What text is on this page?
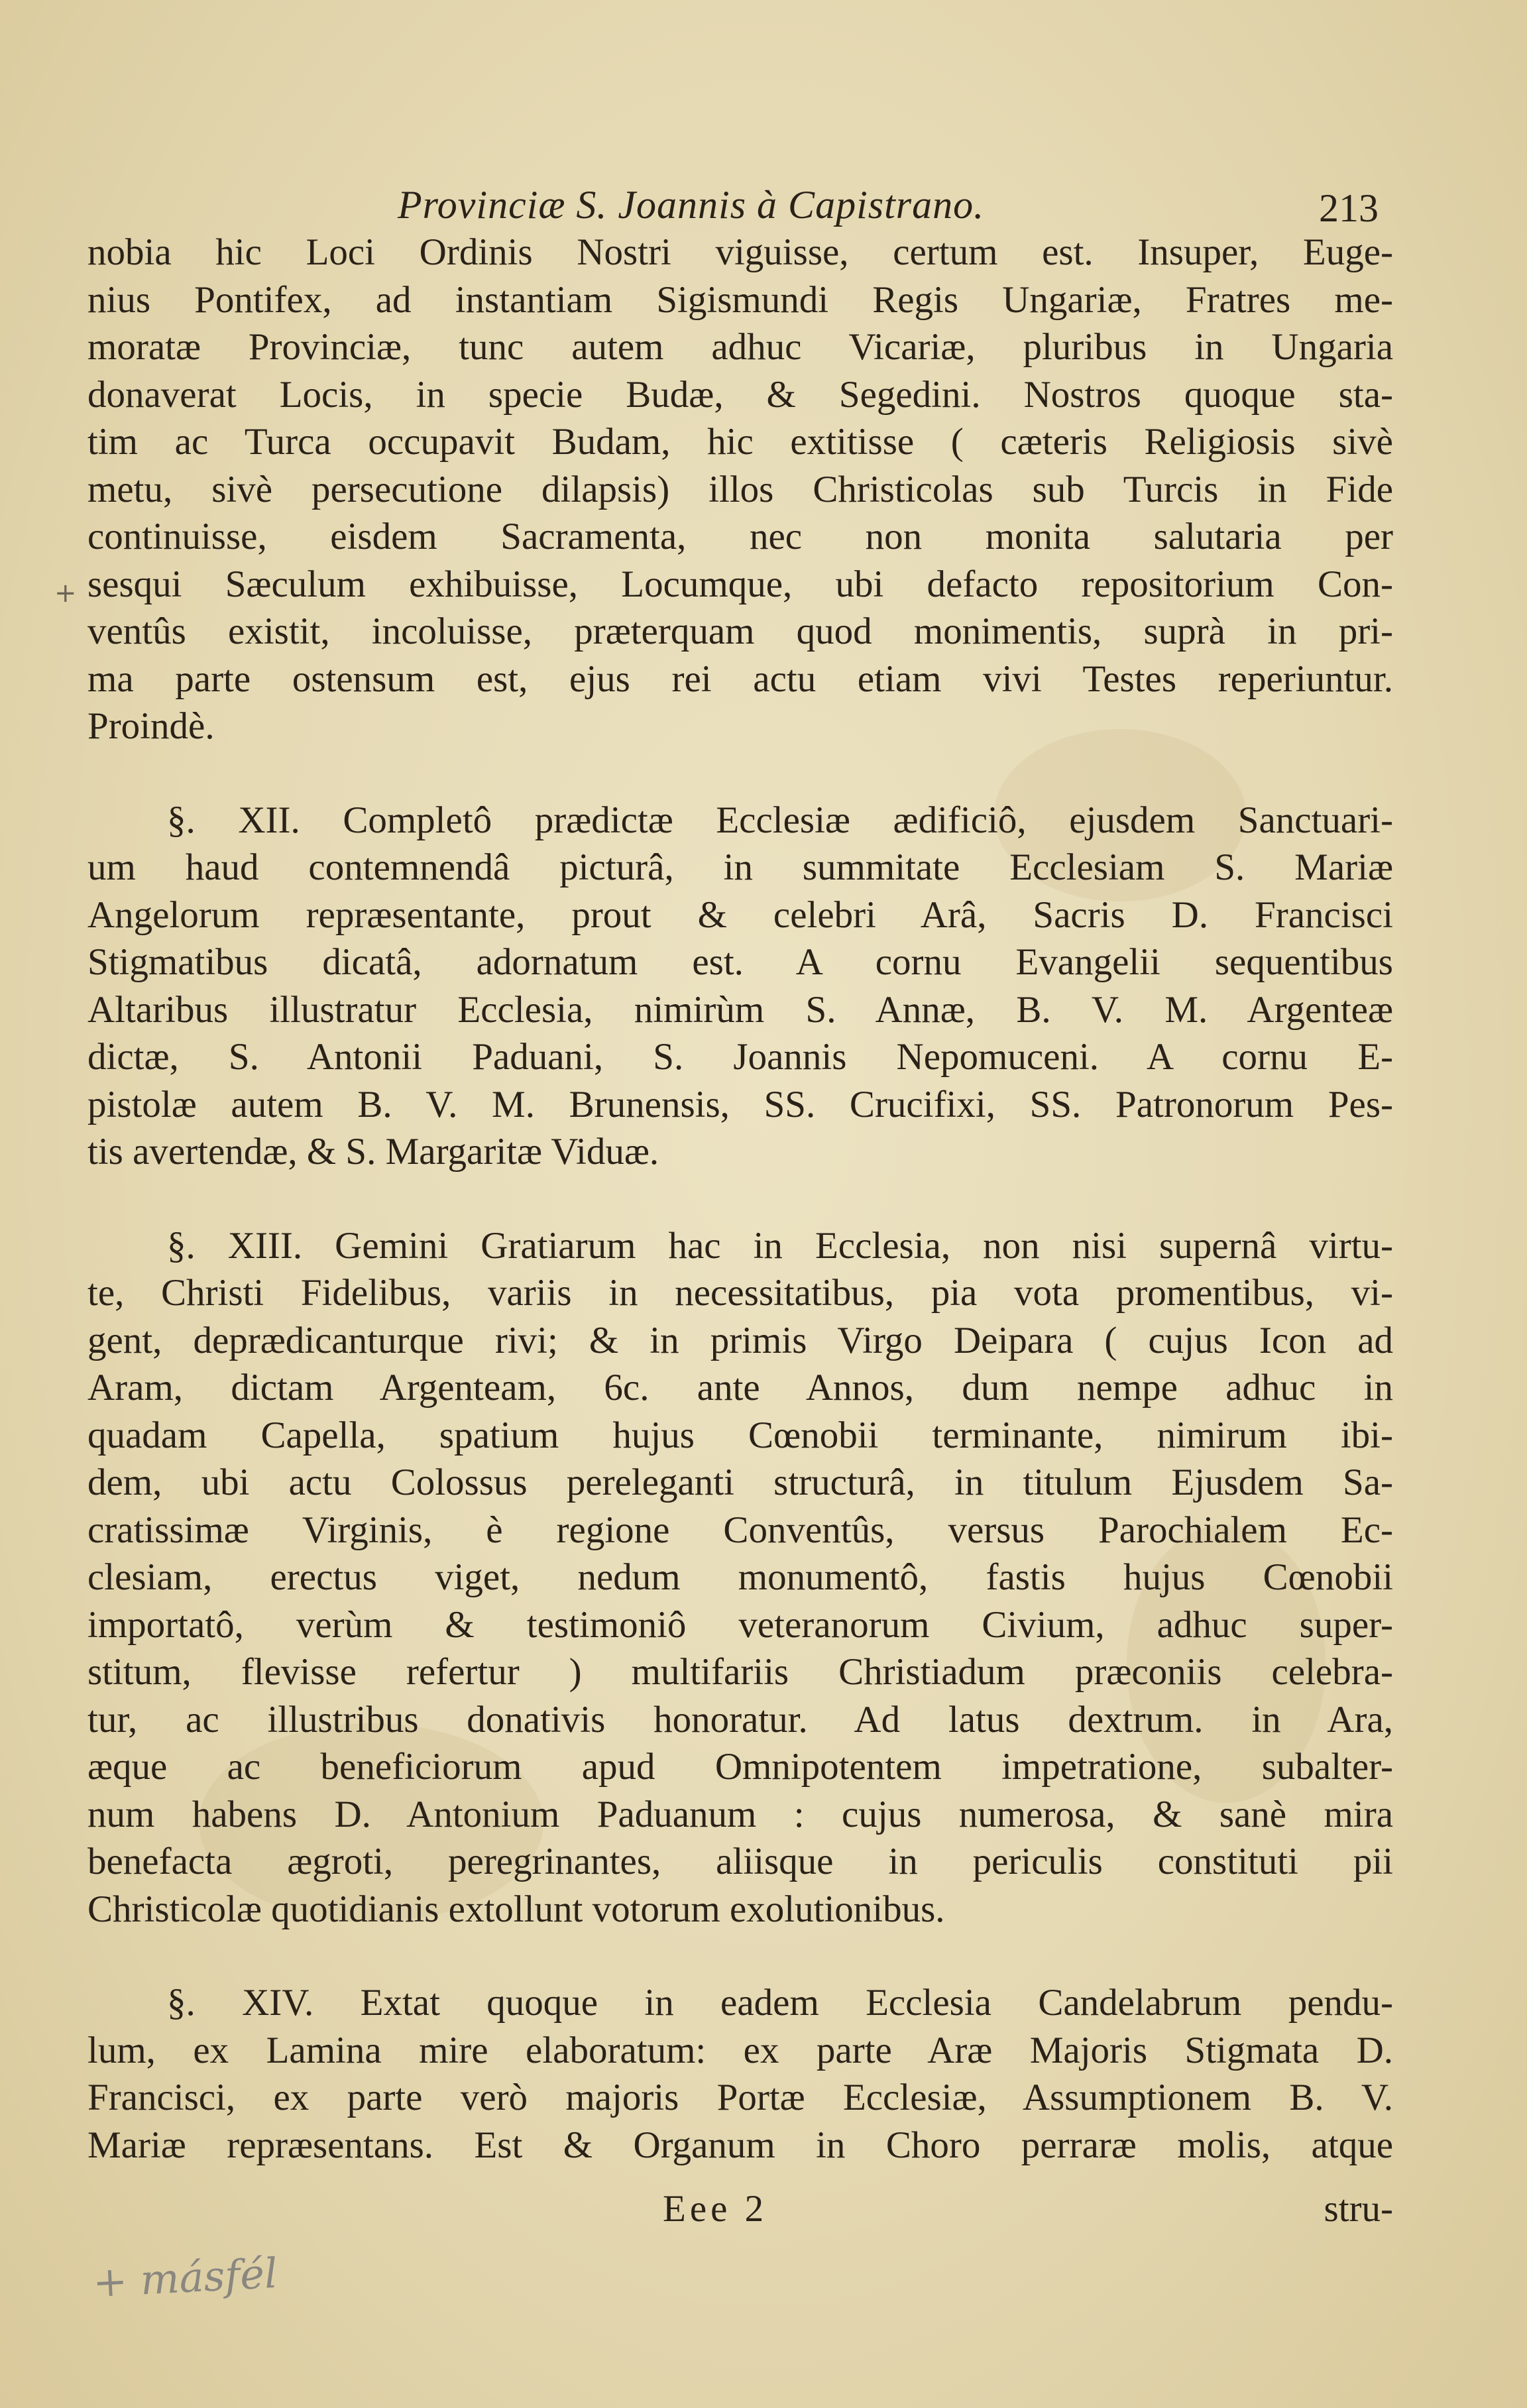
Provinciæ S. Joannis à Capistrano.	213
+
nobia hic Loci Ordinis Nostri viguisse, certum est. Insuper, Euge-
nius Pontifex, ad instantiam Sigismundi Regis Ungariæ, Fratres me-
moratæ Provinciæ, tunc autem adhuc Vicariæ, pluribus in Ungaria
donaverat Locis, in specie Budæ, & Segedini. Nostros quoque sta-
tim ac Turca occupavit Budam, hic extitisse ( cæteris Religiosis sivè
metu, sivè persecutione dilapsis) illos Christicolas sub Turcis in Fide
continuisse, eisdem Sacramenta, nec non monita salutaria per
sesqui Sæculum exhibuisse, Locumque, ubi defacto repositorium Con-
ventûs existit, incoluisse, præterquam quod monimentis, suprà in pri-
ma parte ostensum est, ejus rei actu etiam vivi Testes reperiuntur.
Proindè.
§. XII. Completô prædictæ Ecclesiæ ædificiô, ejusdem Sanctuari-
um haud contemnendâ picturâ, in summitate Ecclesiam S. Mariæ
Angelorum repræsentante, prout & celebri Arâ, Sacris D. Francisci
Stigmatibus dicatâ, adornatum est. A cornu Evangelii sequentibus
Altaribus illustratur Ecclesia, nimirùm S. Annæ, B. V. M. Argenteæ
dictæ, S. Antonii Paduani, S. Joannis Nepomuceni. A cornu E-
pistolæ autem B. V. M. Brunensis, SS. Crucifixi, SS. Patronorum Pes-
tis avertendæ, & S. Margaritæ Viduæ.
§. XIII. Gemini Gratiarum hac in Ecclesia, non nisi supernâ virtu-
te, Christi Fidelibus, variis in necessitatibus, pia vota promentibus, vi-
gent, deprædicanturque rivi; & in primis Virgo Deipara ( cujus Icon ad
Aram, dictam Argenteam, 6c. ante Annos, dum nempe adhuc in
quadam Capella, spatium hujus Cœnobii terminante, nimirum ibi-
dem, ubi actu Colossus pereleganti structurâ, in titulum Ejusdem Sa-
cratissimæ Virginis, è regione Conventûs, versus Parochialem Ec-
clesiam, erectus viget, nedum monumentô, fastis hujus Cœnobii
importatô, verùm & testimoniô veteranorum Civium, adhuc super-
stitum, flevisse refertur ) multifariis Christiadum præconiis celebra-
tur, ac illustribus donativis honoratur. Ad latus dextrum. in Ara,
æque ac beneficiorum apud Omnipotentem impetratione, subalter-
num habens D. Antonium Paduanum : cujus numerosa, & sanè mira
benefacta ægroti, peregrinantes, aliisque in periculis constituti pii
Christicolæ quotidianis extollunt votorum exolutionibus.
§. XIV. Extat quoque in eadem Ecclesia Candelabrum pendu-
lum, ex Lamina mire elaboratum: ex parte Aræ Majoris Stigmata D.
Francisci, ex parte verò majoris Portæ Ecclesiæ, Assumptionem B. V.
Mariæ repræsentans. Est & Organum in Choro perraræ molis, atque
Eee 2	stru-
+ másfél
